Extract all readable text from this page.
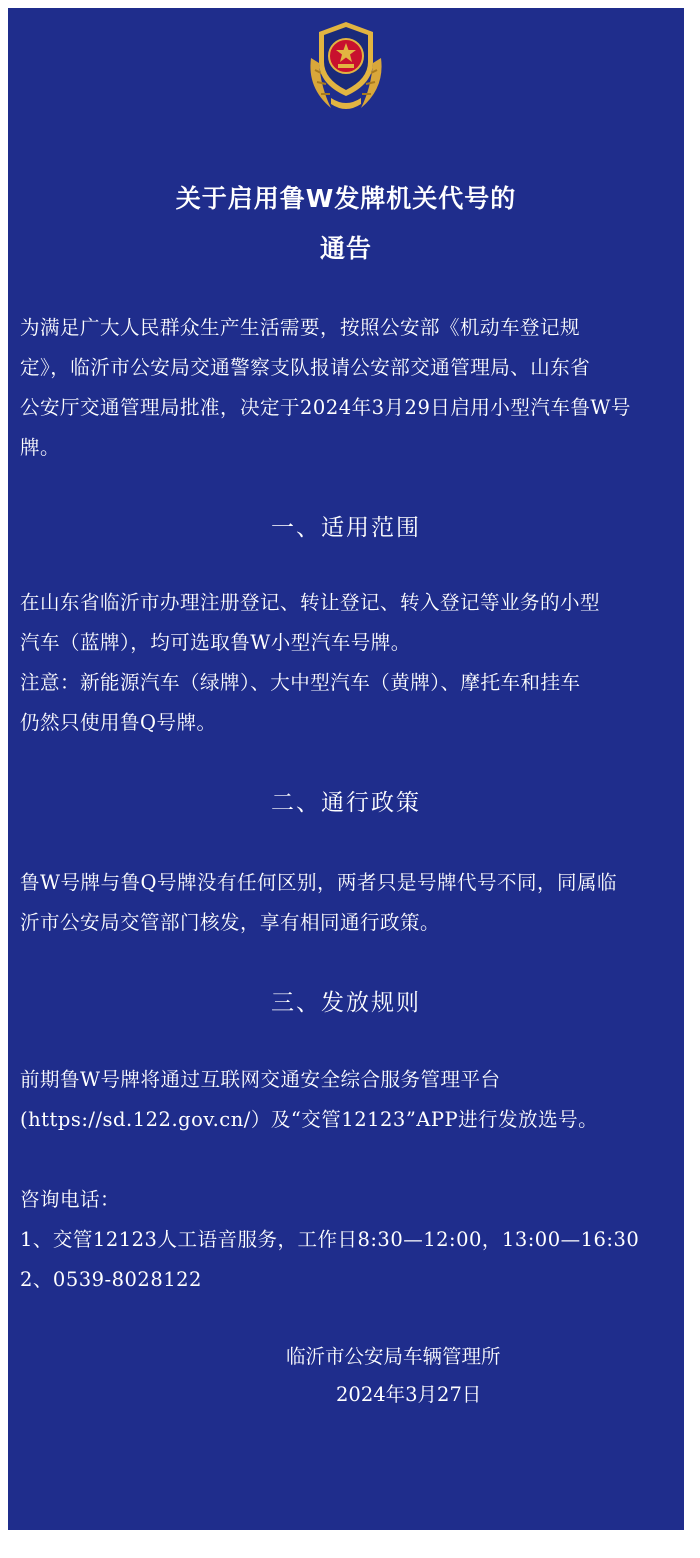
关于启用鲁W发牌机关代号的
通告
为满足广大人民群众生产生活需要，按照公安部《机动车登记规
定》，临沂市公安局交通警察支队报请公安部交通管理局、山东省
公安厅交通管理局批准，决定于2024年3月29日启用小型汽车鲁W号
牌。
一、适用范围
在山东省临沂市办理注册登记、转让登记、转入登记等业务的小型
汽车（蓝牌），均可选取鲁W小型汽车号牌。
注意：新能源汽车（绿牌）、大中型汽车（黄牌）、摩托车和挂车
仍然只使用鲁Q号牌。
二、通行政策
鲁W号牌与鲁Q号牌没有任何区别，两者只是号牌代号不同，同属临
沂市公安局交管部门核发，享有相同通行政策。
三、发放规则
前期鲁W号牌将通过互联网交通安全综合服务管理平台
(https://sd.122.gov.cn/）及“交管12123”APP进行发放选号。
咨询电话：
1、交管12123人工语音服务，工作日8:30—12:00，13:00—16:30
2、0539-8028122
临沂市公安局车辆管理所
2024年3月27日
